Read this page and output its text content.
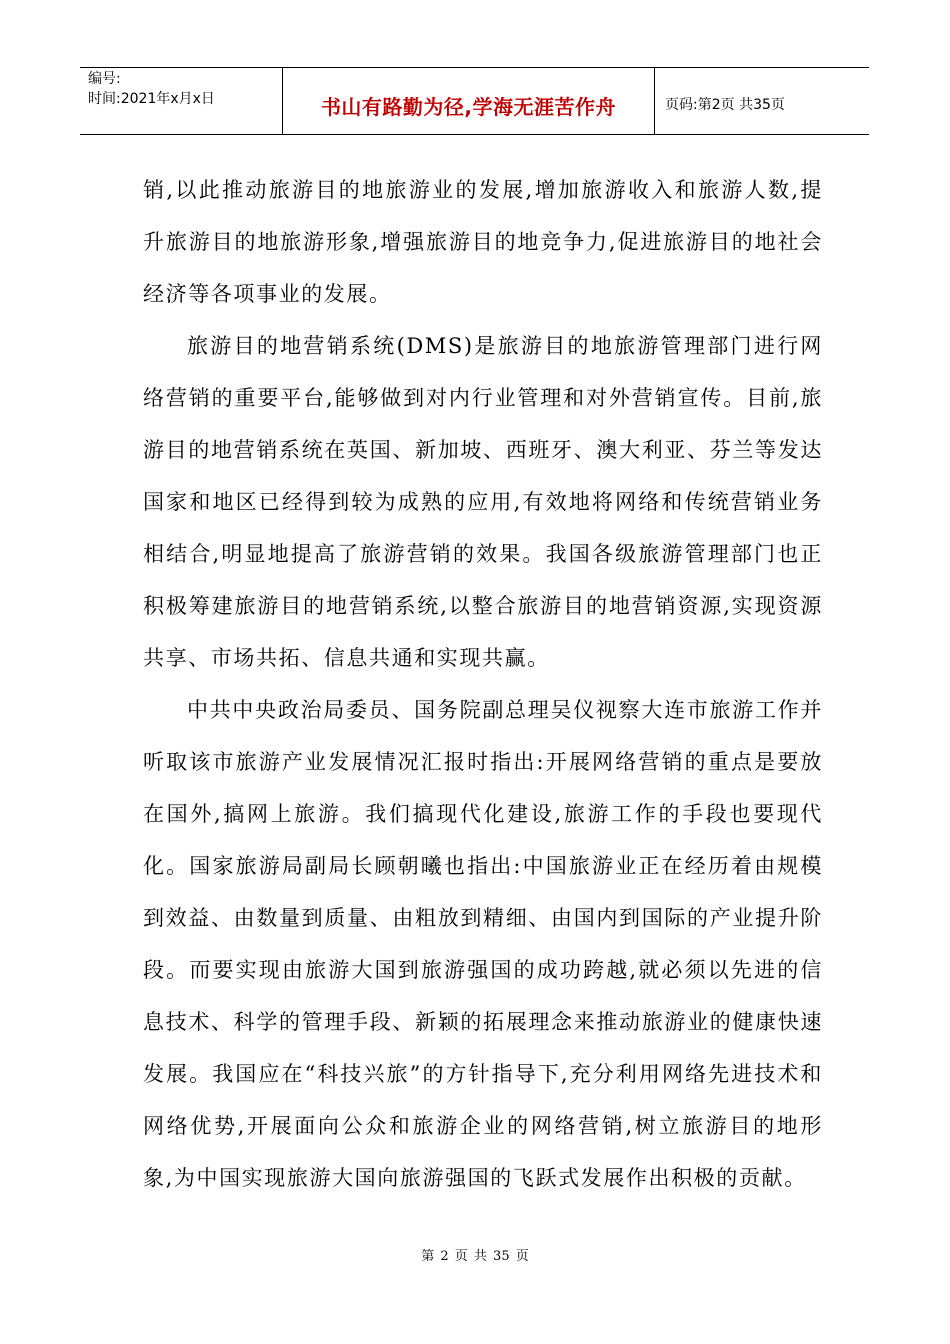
编号:
时间:2021年x月x日	书山有路勤为径,学海无涯苦作舟	页码:第2页 共35页

销,以此推动旅游目的地旅游业的发展,增加旅游收入和旅游人数,提升旅游目的地旅游形象,增强旅游目的地竞争力,促进旅游目的地社会经济等各项事业的发展。

旅游目的地营销系统(DMS)是旅游目的地旅游管理部门进行网络营销的重要平台,能够做到对内行业管理和对外营销宣传。目前,旅游目的地营销系统在英国、新加坡、西班牙、澳大利亚、芬兰等发达国家和地区已经得到较为成熟的应用,有效地将网络和传统营销业务相结合,明显地提高了旅游营销的效果。我国各级旅游管理部门也正积极筹建旅游目的地营销系统,以整合旅游目的地营销资源,实现资源共享、市场共拓、信息共通和实现共赢。

中共中央政治局委员、国务院副总理吴仪视察大连市旅游工作并听取该市旅游产业发展情况汇报时指出:开展网络营销的重点是要放在国外,搞网上旅游。我们搞现代化建设,旅游工作的手段也要现代化。国家旅游局副局长顾朝曦也指出:中国旅游业正在经历着由规模到效益、由数量到质量、由粗放到精细、由国内到国际的产业提升阶段。而要实现由旅游大国到旅游强国的成功跨越,就必须以先进的信息技术、科学的管理手段、新颖的拓展理念来推动旅游业的健康快速发展。我国应在“科技兴旅”的方针指导下,充分利用网络先进技术和网络优势,开展面向公众和旅游企业的网络营销,树立旅游目的地形象,为中国实现旅游大国向旅游强国的飞跃式发展作出积极的贡献。

第 2 页 共 35 页
